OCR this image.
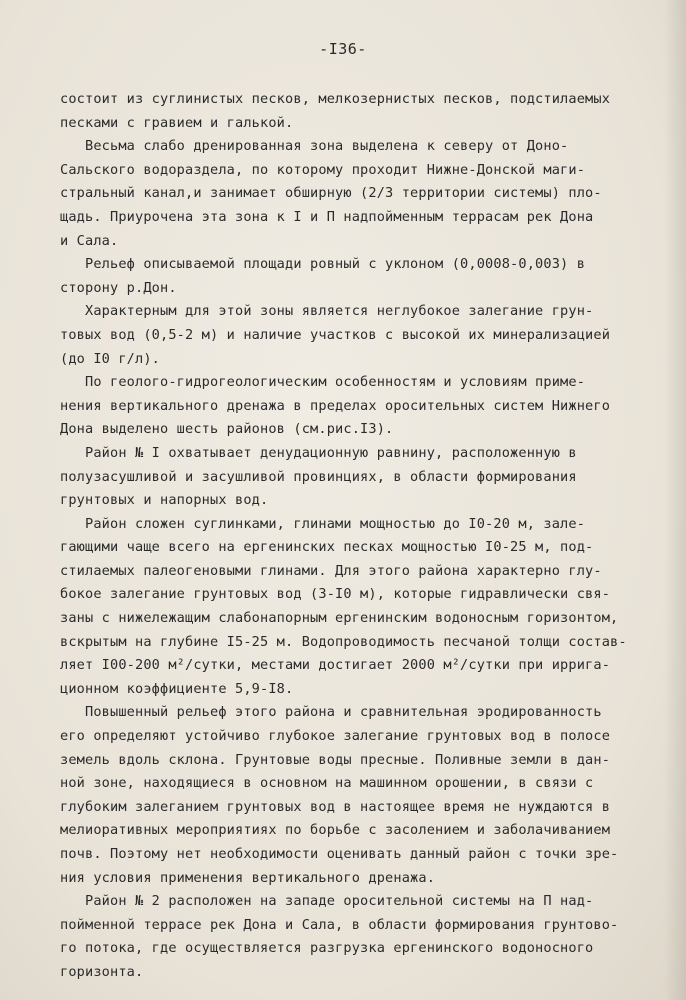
-I36-
состоит из суглинистых песков, мелкозернистых песков, подстилаемых
песками с гравием и галькой.
Весьма слабо дренированная зона выделена к северу от Доно-
Сальского водораздела, по которому проходит Нижне-Донской маги-
стральный канал,и занимает обширную (2/3 территории системы) пло-
щадь. Приурочена эта зона к I и П надпойменным террасам рек Дона
и Сала.
Рельеф описываемой площади ровный с уклоном (0,0008-0,003) в
сторону р.Дон.
Характерным для этой зоны является неглубокое залегание грун-
товых вод (0,5-2 м) и наличие участков с высокой их минерализацией
(до I0 г/л).
По геолого-гидрогеологическим особенностям и условиям приме-
нения вертикального дренажа в пределах оросительных систем Нижнего
Дона выделено шесть районов (см.рис.I3).
Район № I охватывает денудационную равнину, расположенную в
полузасушливой и засушливой провинциях, в области формирования
грунтовых и напорных вод.
Район сложен суглинками, глинами мощностью до I0-20 м, зале-
гающими чаще всего на ергенинских песках мощностью I0-25 м, под-
стилаемых палеогеновыми глинами. Для этого района характерно глу-
бокое залегание грунтовых вод (3-I0 м), которые гидравлически свя-
заны с нижележащим слабонапорным ергенинским водоносным горизонтом,
вскрытым на глубине I5-25 м. Водопроводимость песчаной толщи состав-
ляет I00-200 м²/сутки, местами достигает 2000 м²/сутки при ирригa-
ционном коэффициенте 5,9-I8.
Повышенный рельеф этого района и сравнительная эродированность
его определяют устойчиво глубокое залегание грунтовых вод в полосе
земель вдоль склона. Грунтовые воды пресные. Поливные земли в дан-
ной зоне, находящиеся в основном на машинном орошении, в связи с
глубоким залеганием грунтовых вод в настоящее время не нуждаются в
мелиоративных мероприятиях по борьбе с засолением и заболачиванием
почв. Поэтому нет необходимости оценивать данный район с точки зре-
ния условия применения вертикального дренажа.
Район № 2 расположен на западе оросительной системы на П над-
пойменной террасе рек Дона и Сала, в области формирования грунтово-
го потока, где осуществляется разгрузка ергенинского водоносного
горизонта.
